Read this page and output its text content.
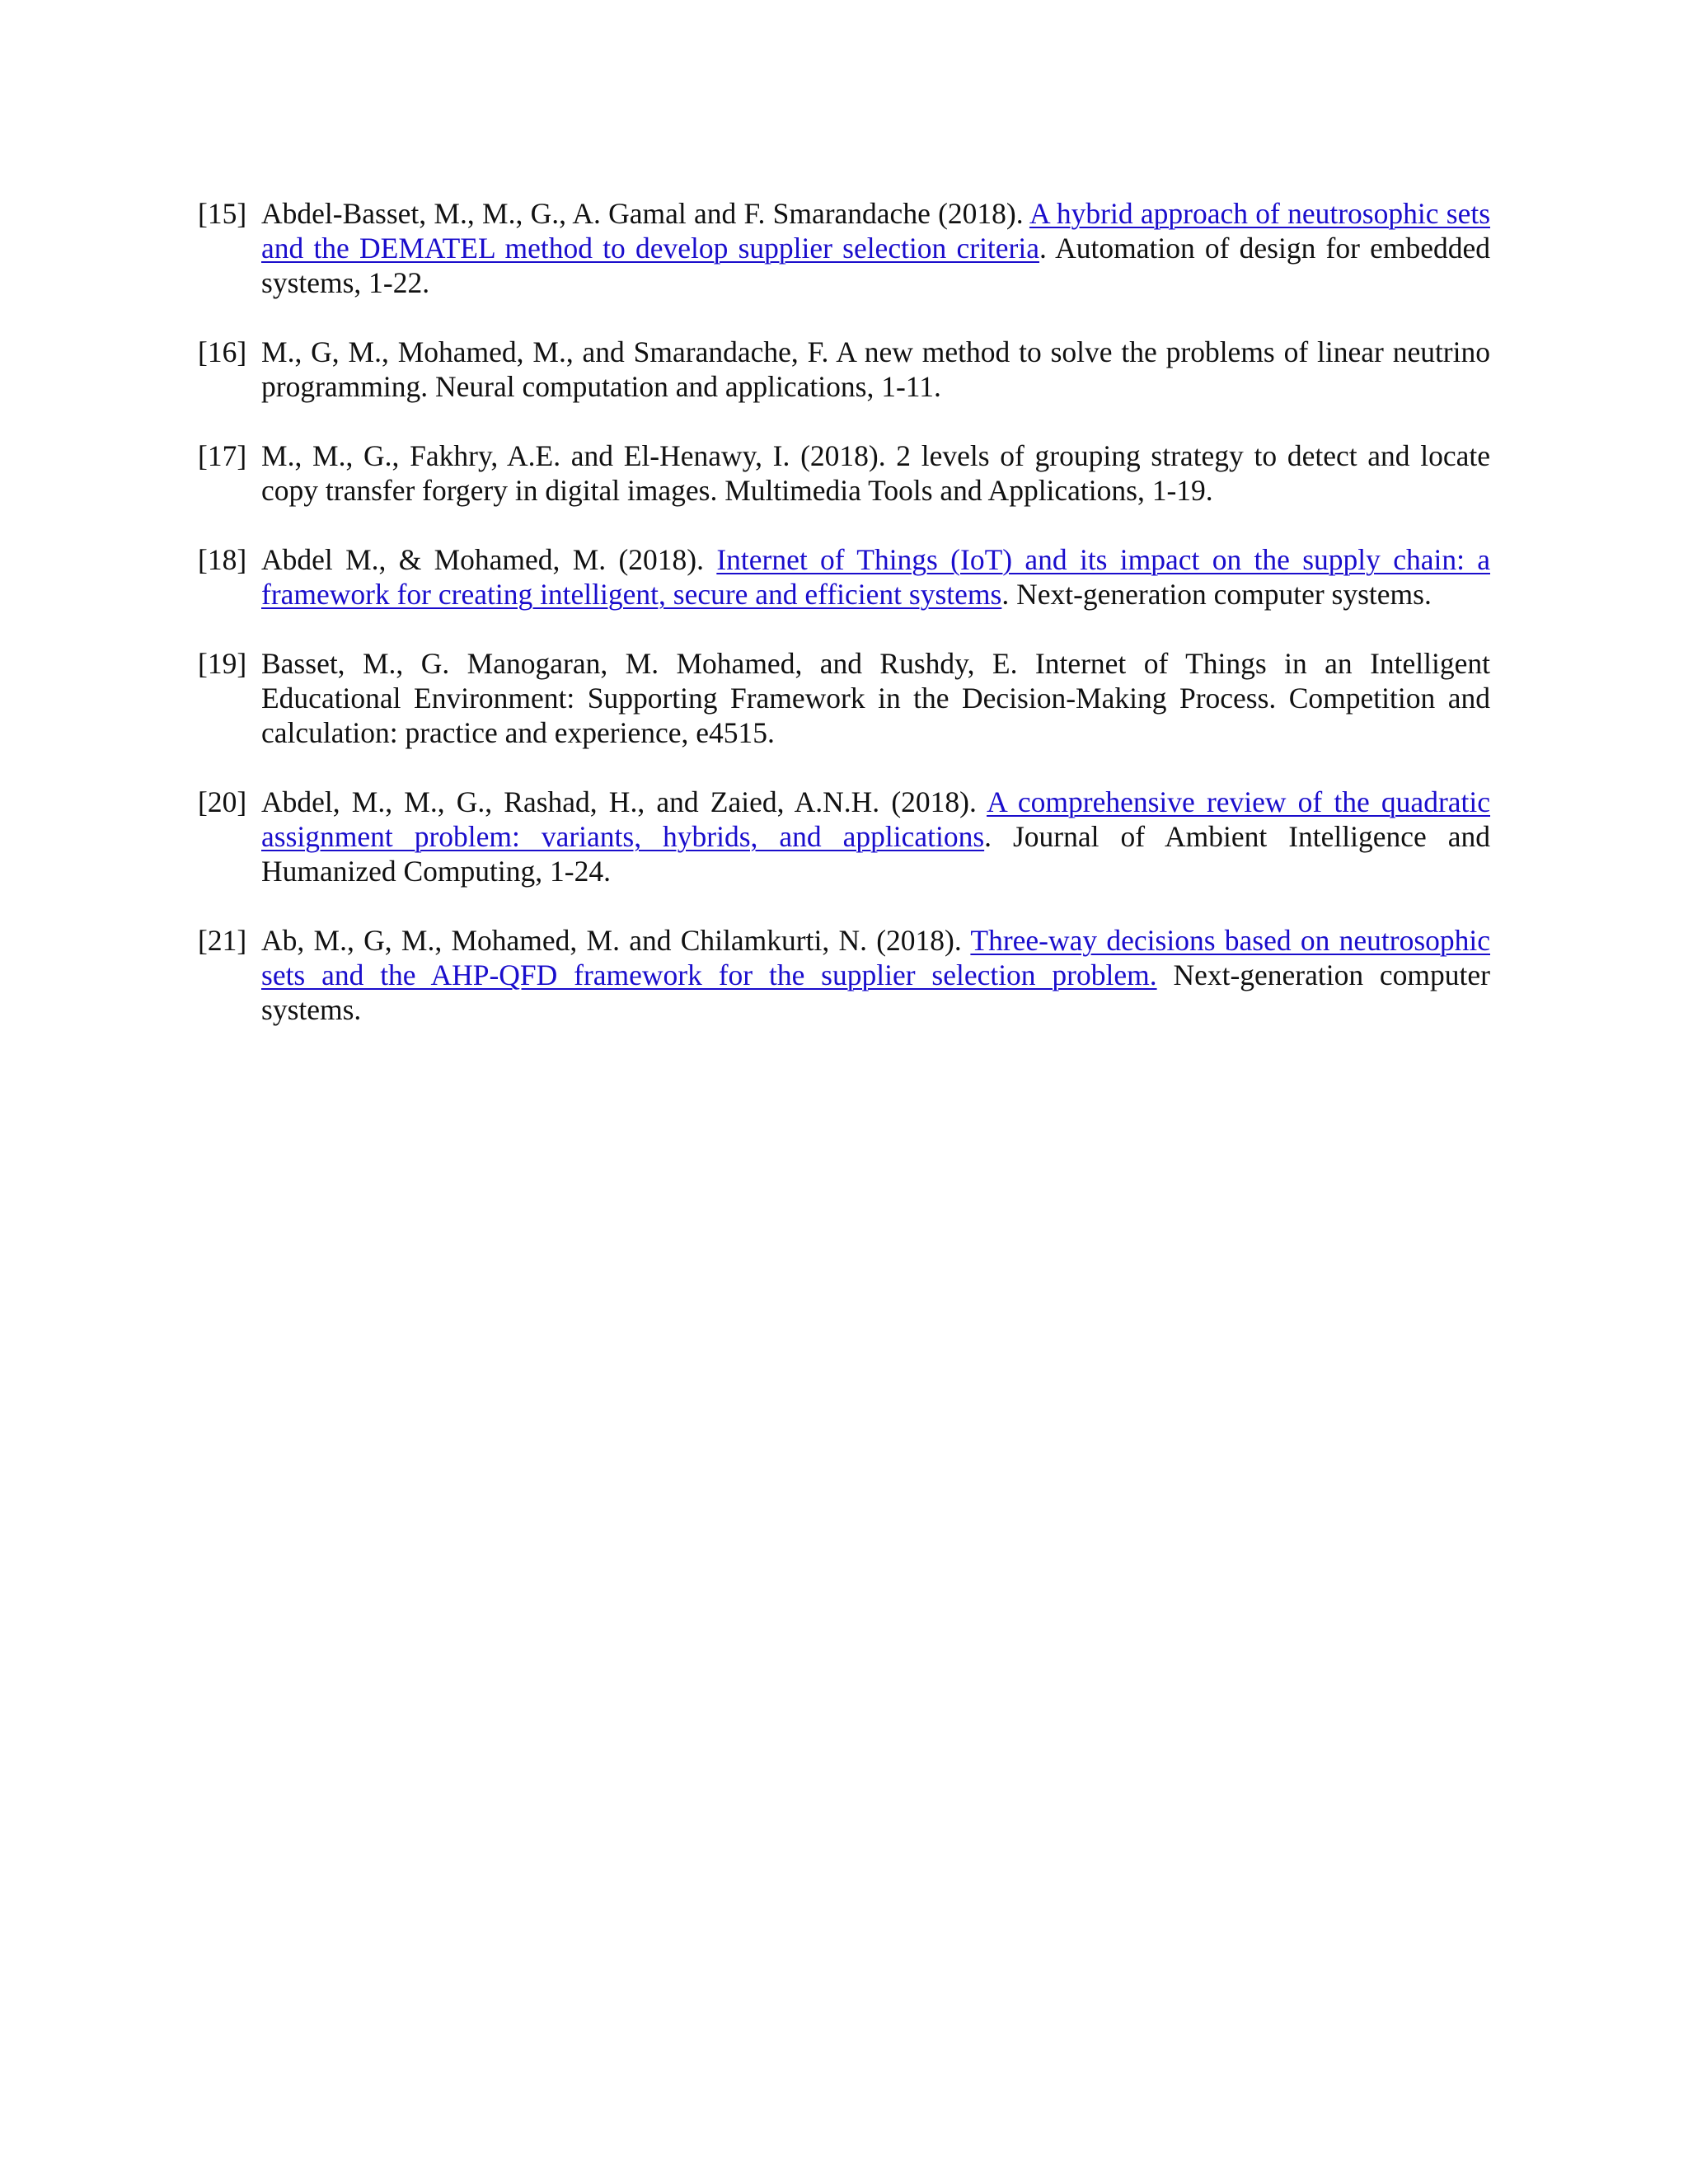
[15] Abdel-Basset, M., M., G., A. Gamal and F. Smarandache (2018). A hybrid approach of neutrosophic sets and the DEMATEL method to develop supplier selection criteria. Automation of design for embedded systems, 1-22.
[16] M., G, M., Mohamed, M., and Smarandache, F. A new method to solve the problems of linear neutrino programming. Neural computation and applications, 1-11.
[17] M., M., G., Fakhry, A.E. and El-Henawy, I. (2018). 2 levels of grouping strategy to detect and locate copy transfer forgery in digital images. Multimedia Tools and Applications, 1-19.
[18] Abdel M., & Mohamed, M. (2018). Internet of Things (IoT) and its impact on the supply chain: a framework for creating intelligent, secure and efficient systems. Next-generation computer systems.
[19] Basset, M., G. Manogaran, M. Mohamed, and Rushdy, E. Internet of Things in an Intelligent Educational Environment: Supporting Framework in the Decision-Making Process. Competition and calculation: practice and experience, e4515.
[20] Abdel, M., M., G., Rashad, H., and Zaied, A.N.H. (2018). A comprehensive review of the quadratic assignment problem: variants, hybrids, and applications. Journal of Ambient Intelligence and Humanized Computing, 1-24.
[21] Ab, M., G, M., Mohamed, M. and Chilamkurti, N. (2018). Three-way decisions based on neutrosophic sets and the AHP-QFD framework for the supplier selection problem. Next-generation computer systems.
